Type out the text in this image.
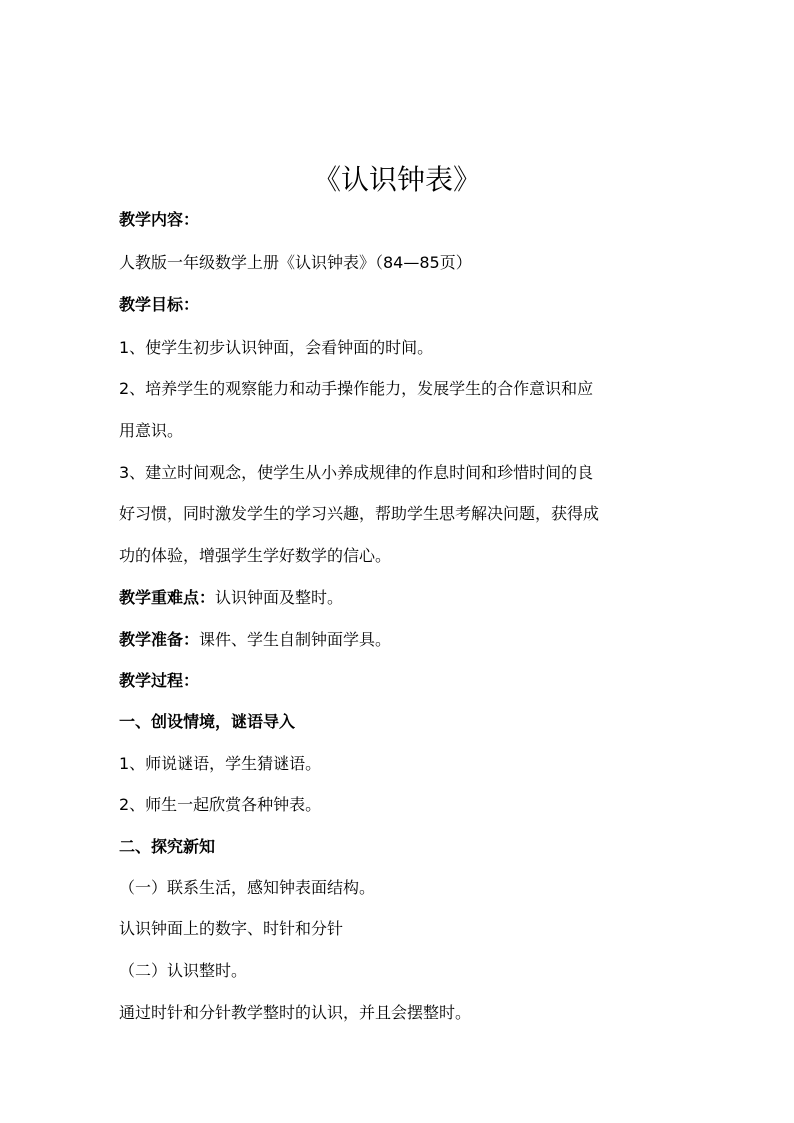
《认识钟表》
教学内容：
人教版一年级数学上册《认识钟表》（84—85页）
教学目标：
1、使学生初步认识钟面，会看钟面的时间。
2、培养学生的观察能力和动手操作能力，发展学生的合作意识和应
用意识。
3、建立时间观念，使学生从小养成规律的作息时间和珍惜时间的良
好习惯，同时激发学生的学习兴趣，帮助学生思考解决问题，获得成
功的体验，增强学生学好数学的信心。
教学重难点：认识钟面及整时。
教学准备：课件、学生自制钟面学具。
教学过程：
一、创设情境，谜语导入
1、师说谜语，学生猜谜语。
2、师生一起欣赏各种钟表。
二、探究新知
（一）联系生活，感知钟表面结构。
认识钟面上的数字、时针和分针
（二）认识整时。
通过时针和分针教学整时的认识，并且会摆整时。
